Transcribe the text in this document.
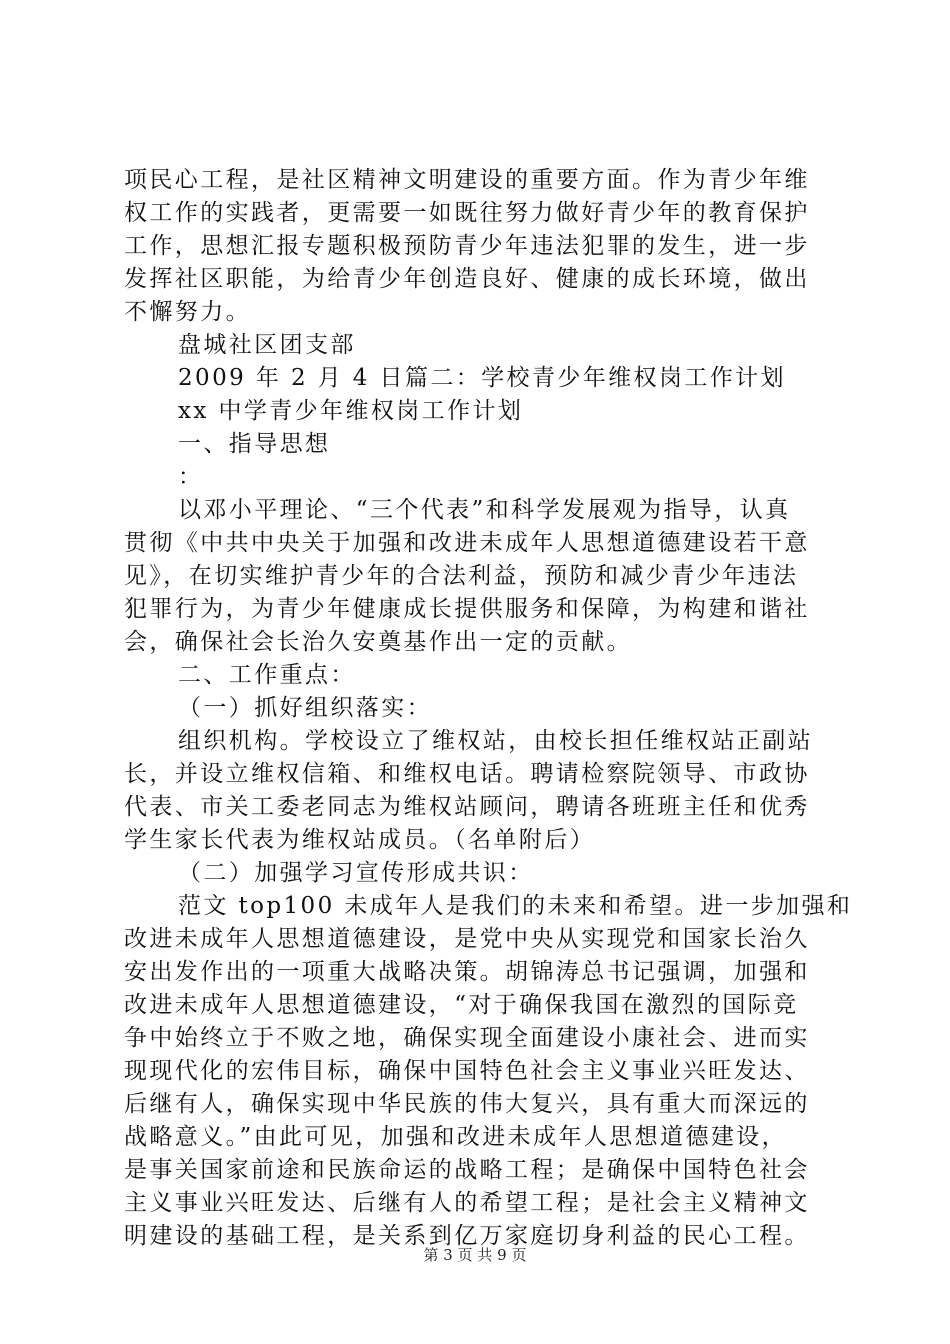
项民心工程，是社区精神文明建设的重要方面。作为青少年维
权工作的实践者，更需要一如既往努力做好青少年的教育保护
工作，思想汇报专题积极预防青少年违法犯罪的发生，进一步
发挥社区职能，为给青少年创造良好、健康的成长环境，做出
不懈努力。
盘城社区团支部
2009 年 2 月 4 日篇二：学校青少年维权岗工作计划
xx 中学青少年维权岗工作计划
一、指导思想
：
以邓小平理论、“三个代表”和科学发展观为指导，认真
贯彻《中共中央关于加强和改进未成年人思想道德建设若干意
见》，在切实维护青少年的合法利益，预防和减少青少年违法
犯罪行为，为青少年健康成长提供服务和保障，为构建和谐社
会，确保社会长治久安奠基作出一定的贡献。
二、工作重点：
（一）抓好组织落实：
组织机构。学校设立了维权站，由校长担任维权站正副站
长，并设立维权信箱、和维权电话。聘请检察院领导、市政协
代表、市关工委老同志为维权站顾问，聘请各班班主任和优秀
学生家长代表为维权站成员。（名单附后）
（二）加强学习宣传形成共识：
范文 top100 未成年人是我们的未来和希望。进一步加强和
改进未成年人思想道德建设，是党中央从实现党和国家长治久
安出发作出的一项重大战略决策。胡锦涛总书记强调，加强和
改进未成年人思想道德建设，“对于确保我国在激烈的国际竞
争中始终立于不败之地，确保实现全面建设小康社会、进而实
现现代化的宏伟目标，确保中国特色社会主义事业兴旺发达、
后继有人，确保实现中华民族的伟大复兴，具有重大而深远的
战略意义。”由此可见，加强和改进未成年人思想道德建设，
是事关国家前途和民族命运的战略工程；是确保中国特色社会
主义事业兴旺发达、后继有人的希望工程；是社会主义精神文
明建设的基础工程，是关系到亿万家庭切身利益的民心工程。
第 3 页 共 9 页
